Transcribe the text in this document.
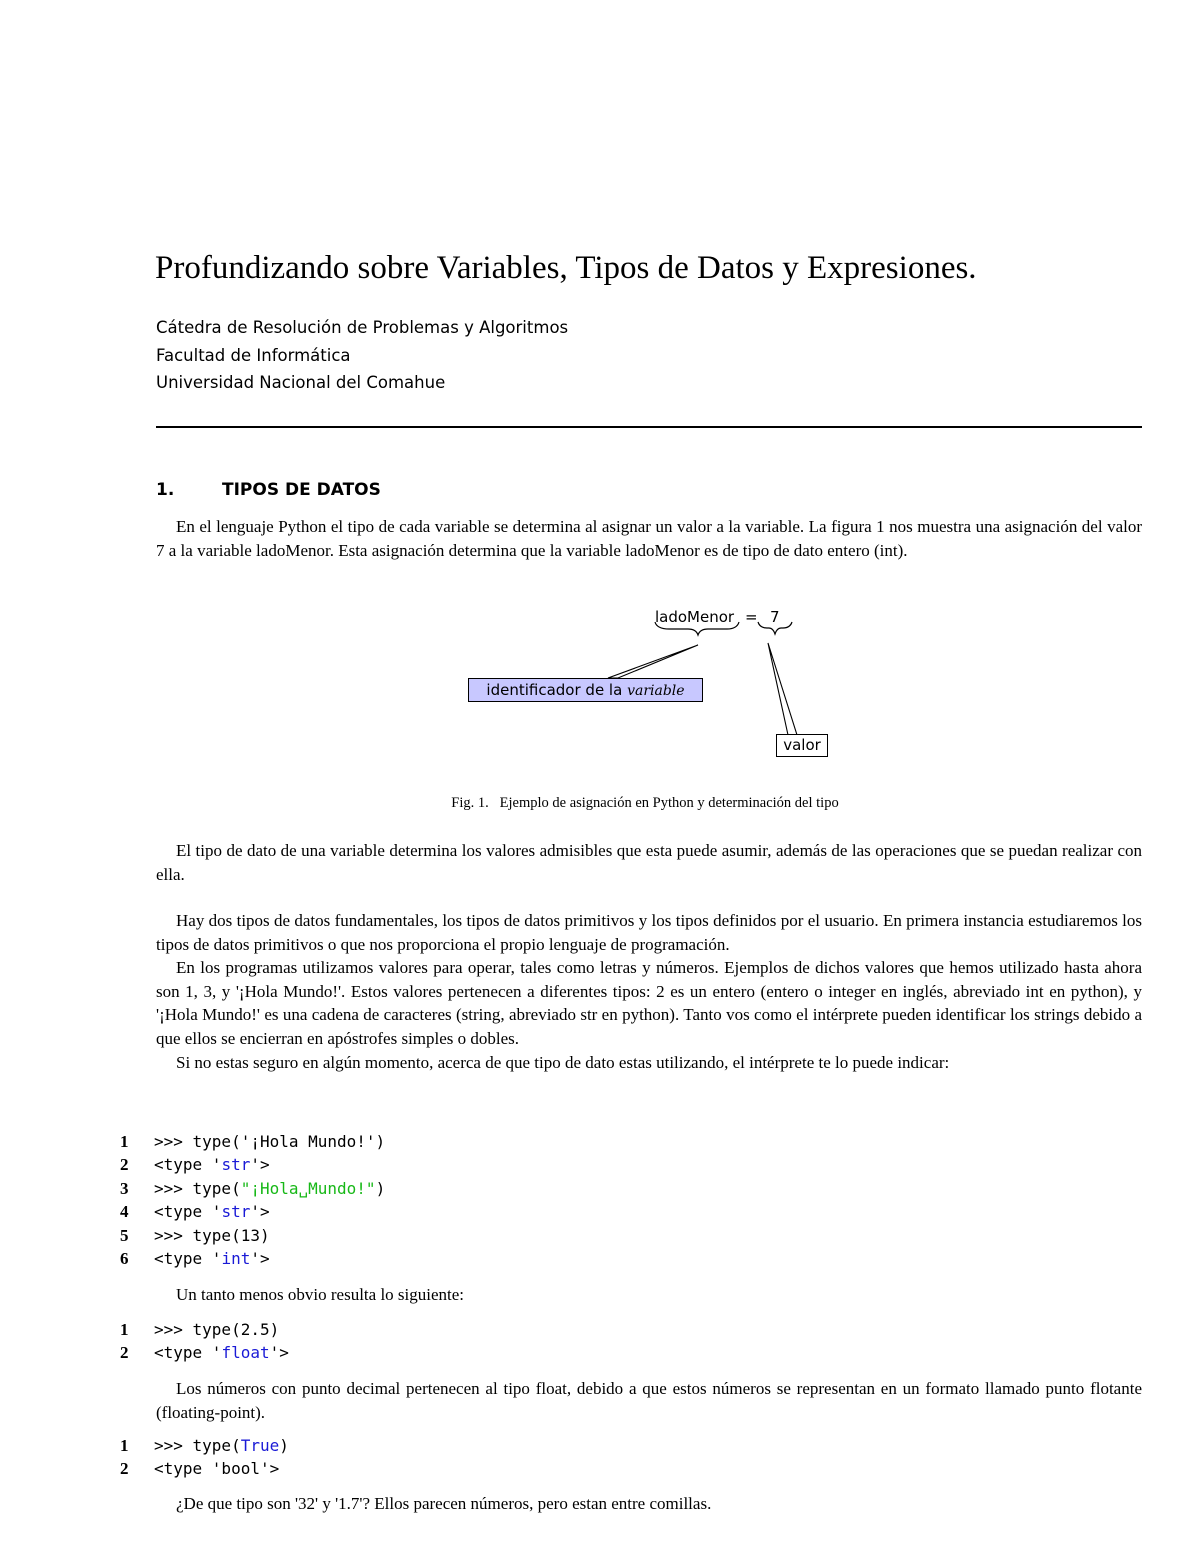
Profundizando sobre Variables, Tipos de Datos y Expresiones.
Cátedra de Resolución de Problemas y Algoritmos
Facultad de Informática
Universidad Nacional del Comahue
1.	TIPOS DE DATOS

En el lenguaje Python el tipo de cada variable se determina al asignar un valor a la variable. La figura 1 nos muestra una asignación del valor 7 a la variable ladoMenor. Esta asignación determina que la variable ladoMenor es de tipo de dato entero (int).

ladoMenor = 7
identificador de la variable
valor
Fig. 1.   Ejemplo de asignación en Python y determinación del tipo

El tipo de dato de una variable determina los valores admisibles que esta puede asumir, además de las operaciones que se puedan realizar con ella.

Hay dos tipos de datos fundamentales, los tipos de datos primitivos y los tipos definidos por el usuario. En primera instancia estudiaremos los tipos de datos primitivos o que nos proporciona el propio lenguaje de programación.

En los programas utilizamos valores para operar, tales como letras y números. Ejemplos de dichos valores que hemos utilizado hasta ahora son 1, 3, y '¡Hola Mundo!'. Estos valores pertenecen a diferentes tipos: 2 es un entero (entero o integer en inglés, abreviado int en python), y '¡Hola Mundo!' es una cadena de caracteres (string, abreviado str en python). Tanto vos como el intérprete pueden identificar los strings debido a que ellos se encierran en apóstrofes simples o dobles.

Si no estas seguro en algún momento, acerca de que tipo de dato estas utilizando, el intérprete te lo puede indicar:

1 >>> type('¡Hola Mundo!')
2 <type 'str'>
3 >>> type("¡Hola␣Mundo!")
4 <type 'str'>
5 >>> type(13)
6 <type 'int'>

Un tanto menos obvio resulta lo siguiente:

1 >>> type(2.5)
2 <type 'float'>

Los números con punto decimal pertenecen al tipo float, debido a que estos números se representan en un formato llamado punto flotante (floating-point).

1 >>> type(True)
2 <type 'bool'>

¿De que tipo son '32' y '1.7'? Ellos parecen números, pero estan entre comillas.
